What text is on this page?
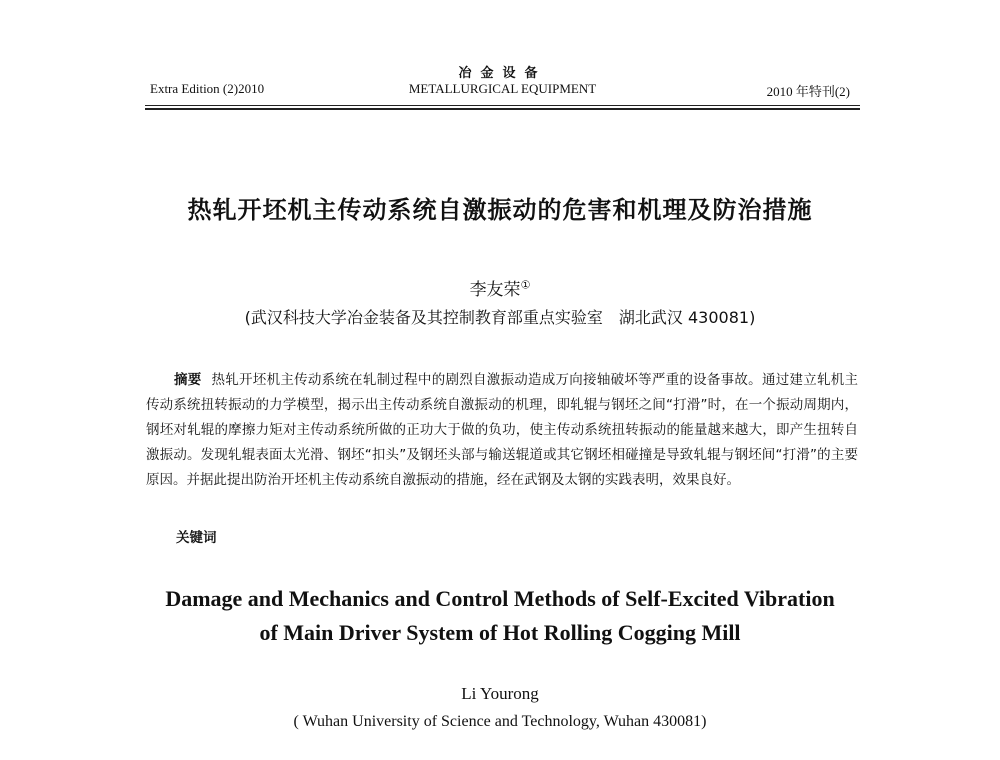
冶金设备
Extra Edition (2)2010	METALLURGICAL EQUIPMENT	2010 年特刊(2)
热轧开坯机主传动系统自激振动的危害和机理及防治措施
李友荣①
(武汉科技大学冶金装备及其控制教育部重点实验室　湖北武汉 430081)
摘要 热轧开坯机主传动系统在轧制过程中的剧烈自激振动造成万向接轴破坏等严重的设备事故。通过建立轧机主传动系统扭转振动的力学模型，揭示出主传动系统自激振动的机理，即轧辊与钢坯之间“打滑”时，在一个振动周期内，钢坯对轧辊的摩擦力矩对主传动系统所做的正功大于做的负功，使主传动系统扭转振动的能量越来越大，即产生扭转自激振动。发现轧辊表面太光滑、钢坯“扣头”及钢坯头部与输送辊道或其它钢坯相碰撞是导致轧辊与钢坯间“打滑”的主要原因。并据此提出防治开坯机主传动系统自激振动的措施，经在武钢及太钢的实践表明，效果良好。
关键词
Damage and Mechanics and Control Methods of Self-Excited Vibration
of Main Driver System of Hot Rolling Cogging Mill
Li Yourong
( Wuhan University of Science and Technology, Wuhan 430081)
